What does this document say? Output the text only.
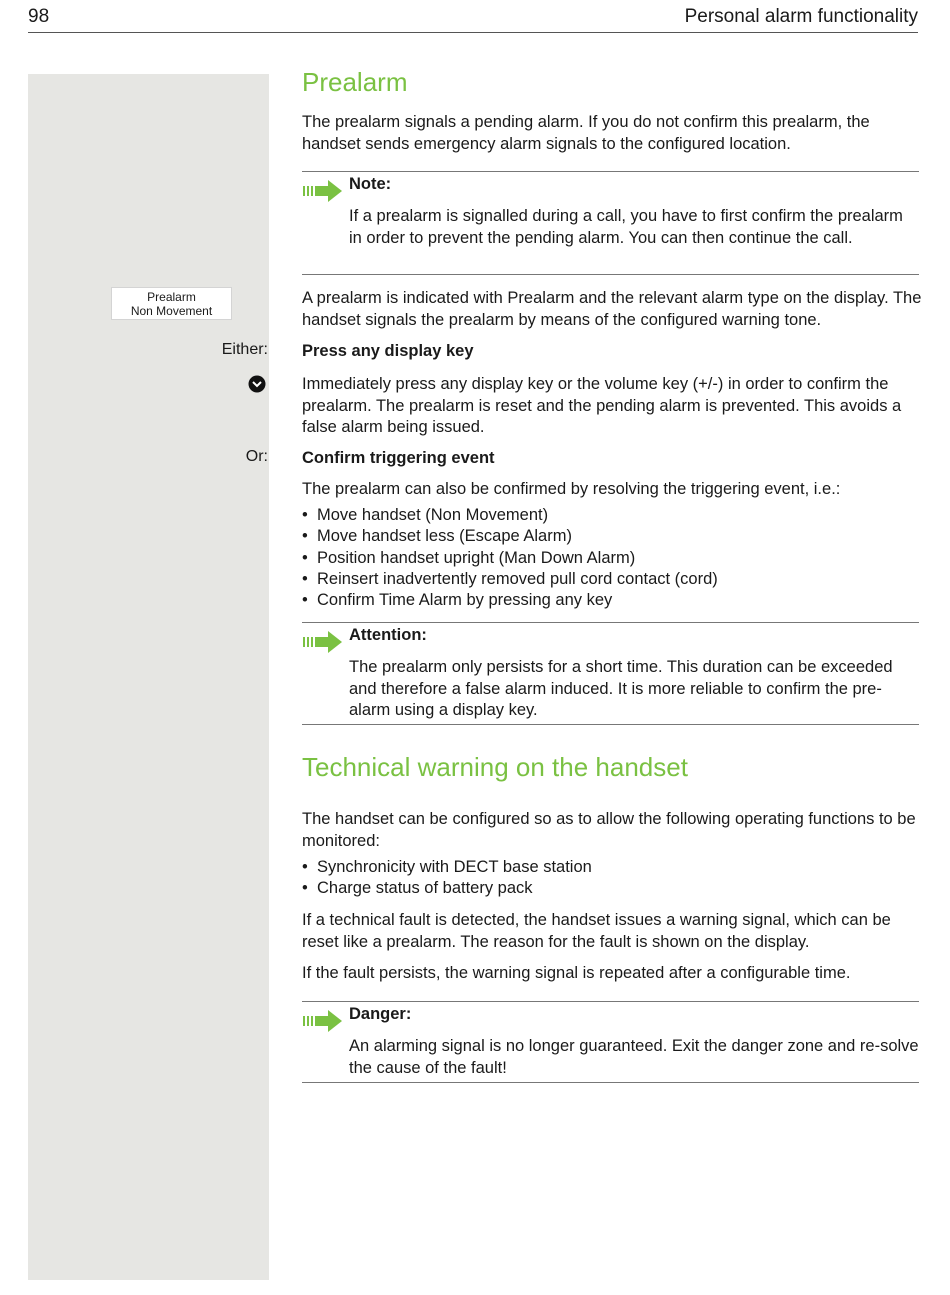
98	Personal alarm functionality
Prealarm
The prealarm signals a pending alarm. If you do not confirm this prealarm, the handset sends emergency alarm signals to the configured location.
Note:
If a prealarm is signalled during a call, you have to first confirm the prealarm in order to prevent the pending alarm. You can then continue the call.
Prealarm
Non Movement
A prealarm is indicated with Prealarm and the relevant alarm type on the display. The handset signals the prealarm by means of the configured warning tone.
Either: Press any display key
Immediately press any display key or the volume key (+/-) in order to confirm the prealarm. The prealarm is reset and the pending alarm is prevented. This avoids a false alarm being issued.
Or: Confirm triggering event
The prealarm can also be confirmed by resolving the triggering event, i.e.:
• Move handset (Non Movement)
• Move handset less (Escape Alarm)
• Position handset upright (Man Down Alarm)
• Reinsert inadvertently removed pull cord contact (cord)
• Confirm Time Alarm by pressing any key
Attention:
The prealarm only persists for a short time. This duration can be exceeded and therefore a false alarm induced. It is more reliable to confirm the pre-alarm using a display key.
Technical warning on the handset
The handset can be configured so as to allow the following operating functions to be monitored:
• Synchronicity with DECT base station
• Charge status of battery pack
If a technical fault is detected, the handset issues a warning signal, which can be reset like a prealarm. The reason for the fault is shown on the display.
If the fault persists, the warning signal is repeated after a configurable time.
Danger:
An alarming signal is no longer guaranteed. Exit the danger zone and re-solve the cause of the fault!
